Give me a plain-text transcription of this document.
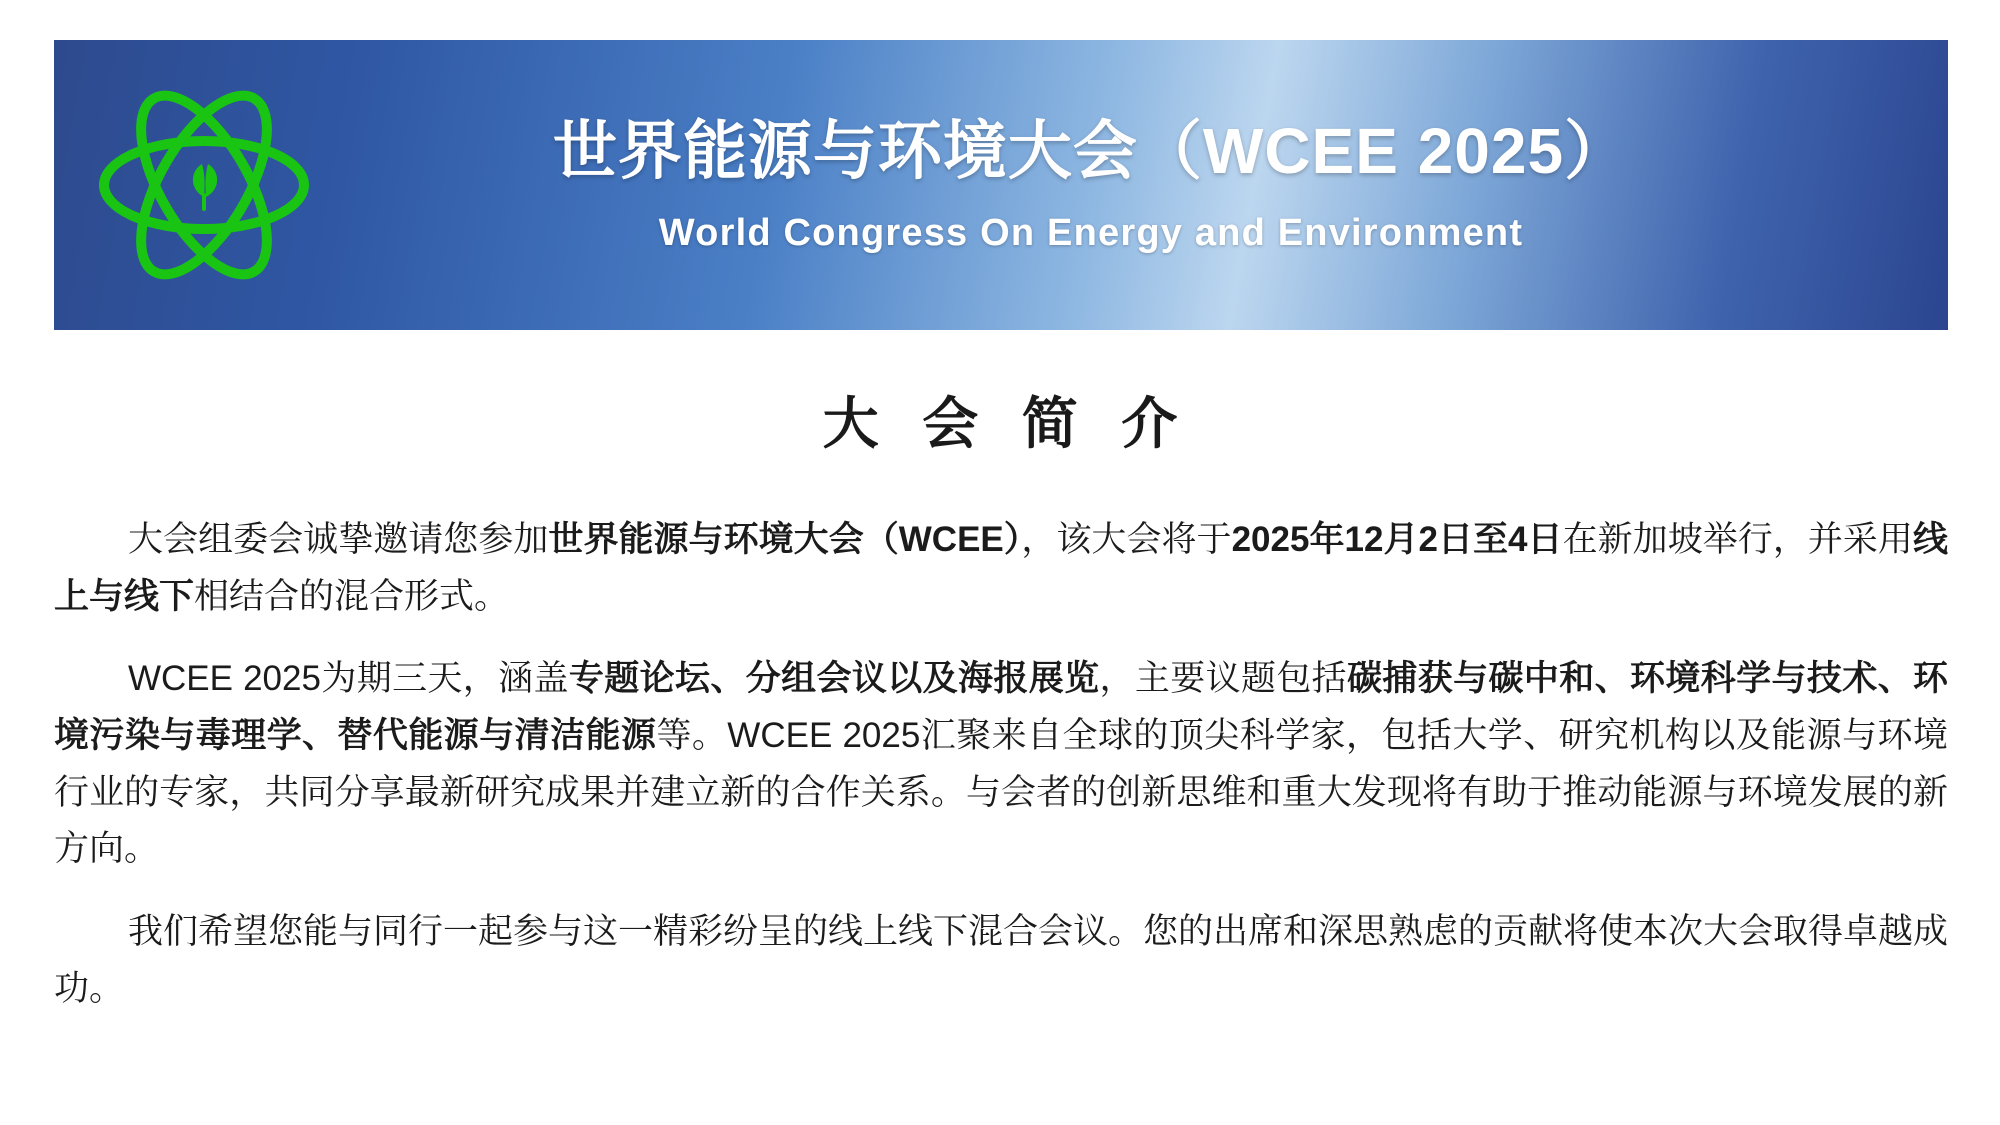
世界能源与环境大会（WCEE 2025）
World Congress On Energy and Environment
大 会 简 介

大会组委会诚挚邀请您参加世界能源与环境大会（WCEE），该大会将于2025年12月2日至4日在新加坡举行，并采用线上与线下相结合的混合形式。

WCEE 2025为期三天，涵盖专题论坛、分组会议以及海报展览，主要议题包括碳捕获与碳中和、环境科学与技术、环境污染与毒理学、替代能源与清洁能源等。WCEE 2025汇聚来自全球的顶尖科学家，包括大学、研究机构以及能源与环境行业的专家，共同分享最新研究成果并建立新的合作关系。与会者的创新思维和重大发现将有助于推动能源与环境发展的新方向。

我们希望您能与同行一起参与这一精彩纷呈的线上线下混合会议。您的出席和深思熟虑的贡献将使本次大会取得卓越成功。
